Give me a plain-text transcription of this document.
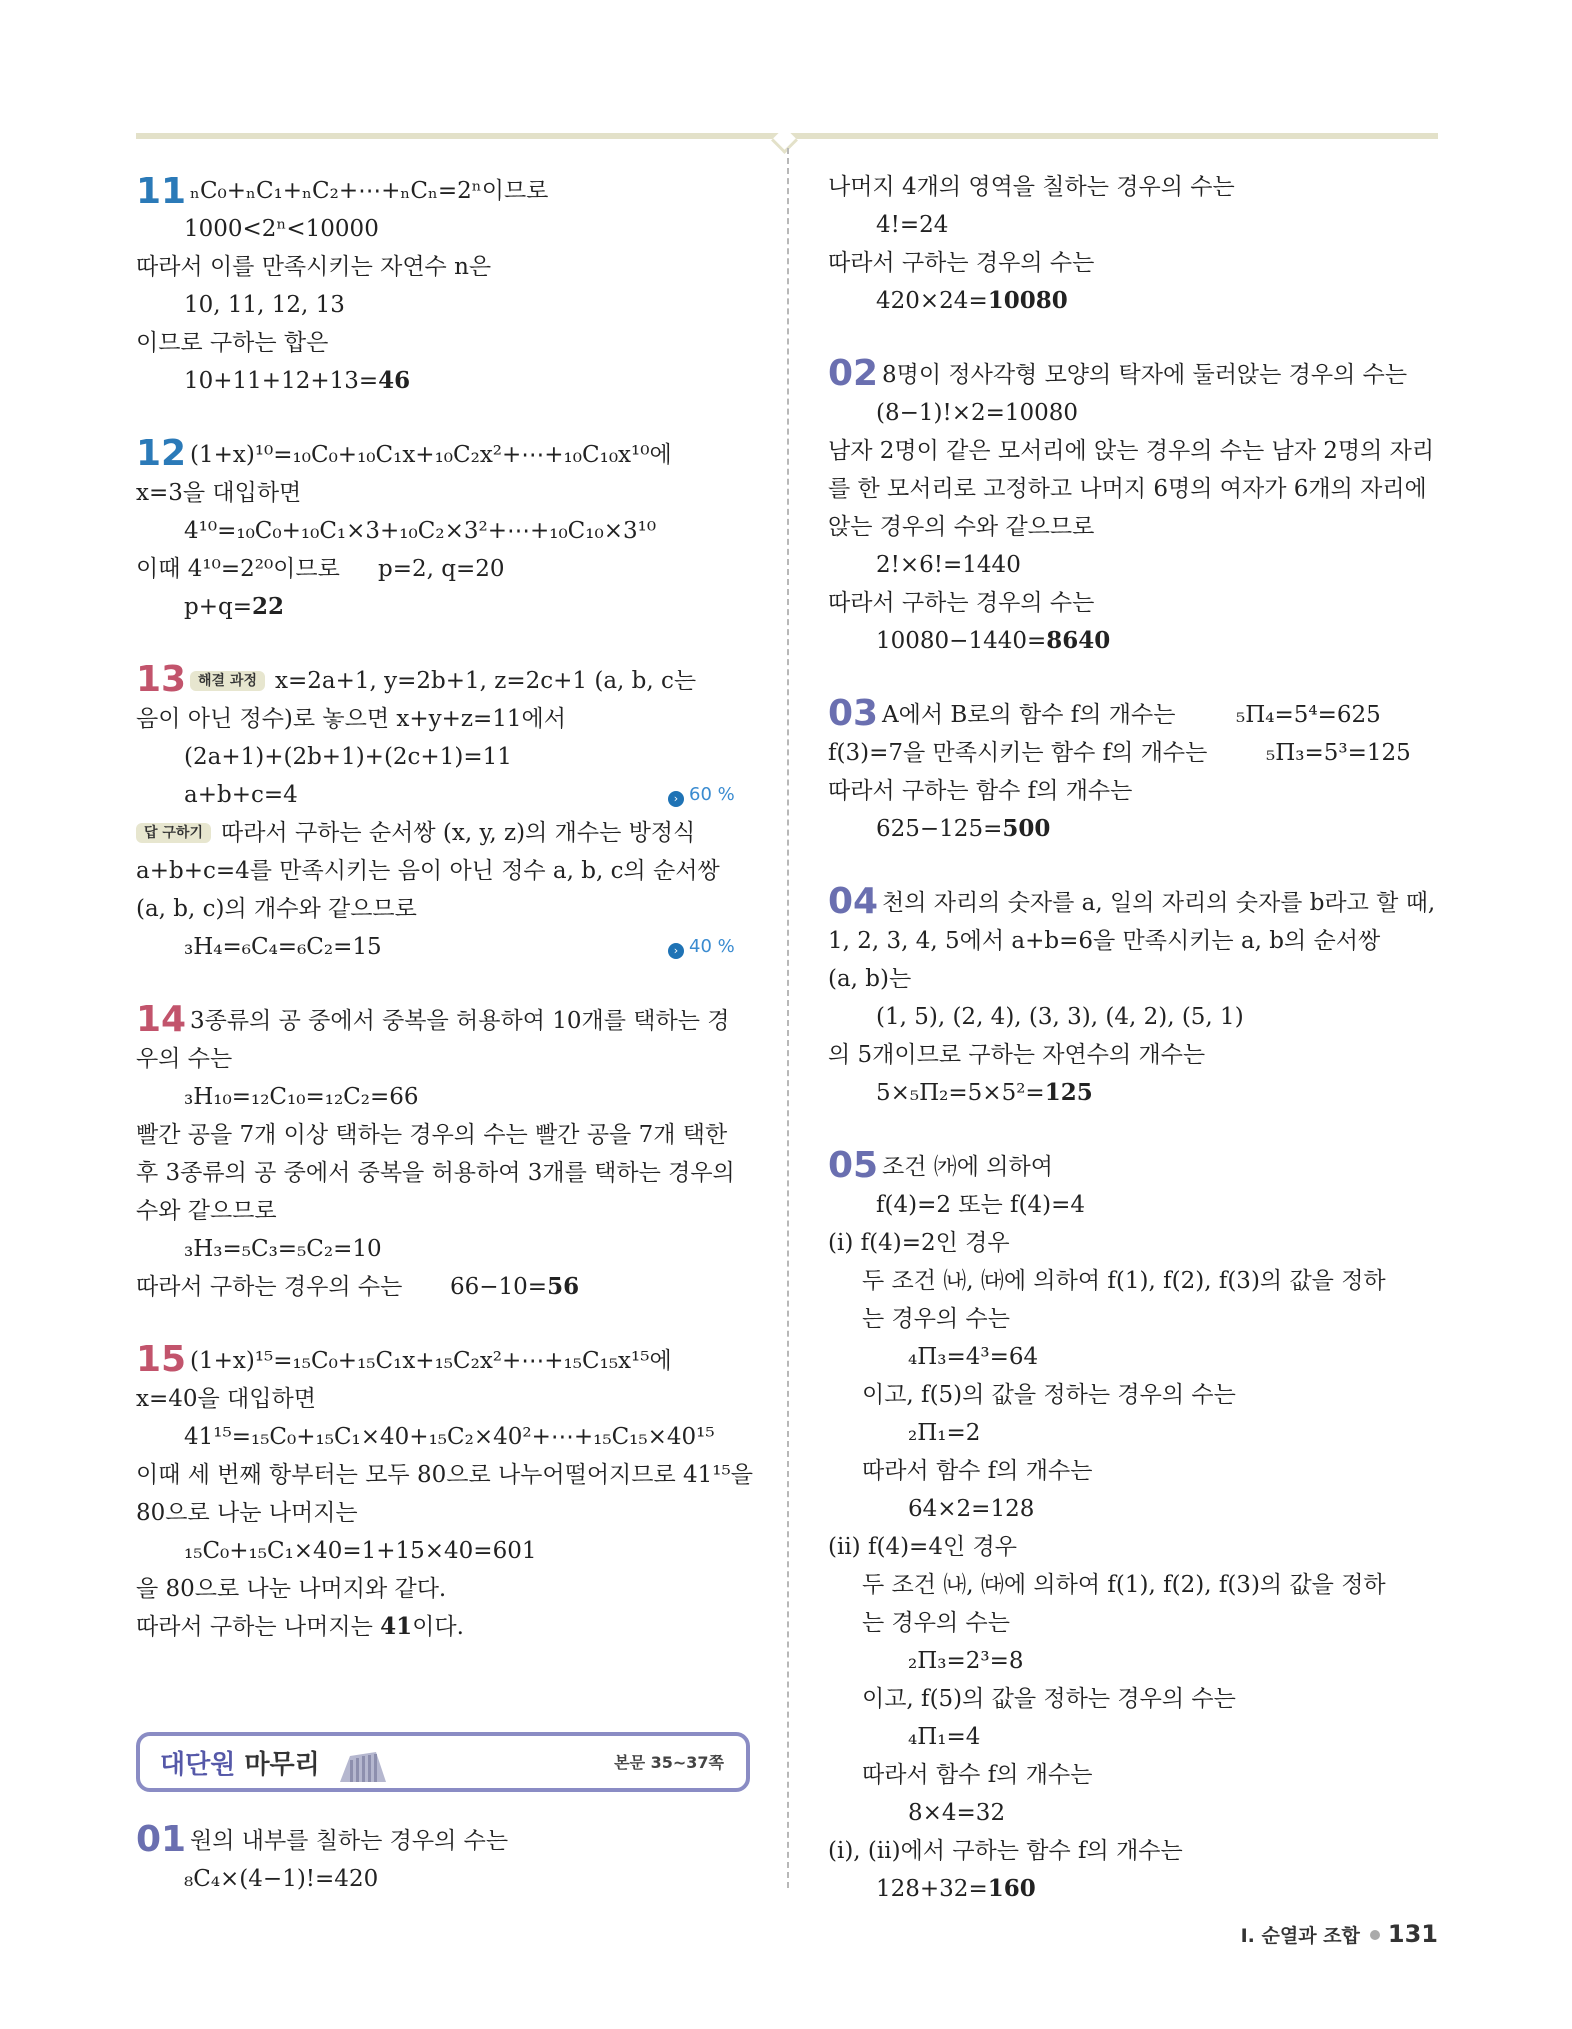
11 ₙC₀+ₙC₁+ₙC₂+⋯+ₙCₙ=2ⁿ이므로
1000<2ⁿ<10000
따라서 이를 만족시키는 자연수 n은
10, 11, 12, 13
이므로 구하는 합은
10+11+12+13=46
12 (1+x)¹⁰=₁₀C₀+₁₀C₁x+₁₀C₂x²+⋯+₁₀C₁₀x¹⁰에
x=3을 대입하면
4¹⁰=₁₀C₀+₁₀C₁×3+₁₀C₂×3²+⋯+₁₀C₁₀×3¹⁰
이때 4¹⁰=2²⁰이므로 p=2, q=20
p+q=22
13 해결 과정 x=2a+1, y=2b+1, z=2c+1 (a, b, c는
음이 아닌 정수)로 놓으면 x+y+z=11에서
(2a+1)+(2b+1)+(2c+1)=11
a+b+c=4	› 60 %
답 구하기 따라서 구하는 순서쌍 (x, y, z)의 개수는 방정식
a+b+c=4를 만족시키는 음이 아닌 정수 a, b, c의 순서쌍
(a, b, c)의 개수와 같으므로
₃H₄=₆C₄=₆C₂=15	› 40 %
14 3종류의 공 중에서 중복을 허용하여 10개를 택하는 경
우의 수는
₃H₁₀=₁₂C₁₀=₁₂C₂=66
빨간 공을 7개 이상 택하는 경우의 수는 빨간 공을 7개 택한
후 3종류의 공 중에서 중복을 허용하여 3개를 택하는 경우의
수와 같으므로
₃H₃=₅C₃=₅C₂=10
따라서 구하는 경우의 수는 66−10=56
15 (1+x)¹⁵=₁₅C₀+₁₅C₁x+₁₅C₂x²+⋯+₁₅C₁₅x¹⁵에
x=40을 대입하면
41¹⁵=₁₅C₀+₁₅C₁×40+₁₅C₂×40²+⋯+₁₅C₁₅×40¹⁵
이때 세 번째 항부터는 모두 80으로 나누어떨어지므로 41¹⁵을
80으로 나눈 나머지는
₁₅C₀+₁₅C₁×40=1+15×40=601
을 80으로 나눈 나머지와 같다.
따라서 구하는 나머지는 41이다.
대단원 마무리	본문 35~37쪽
01 원의 내부를 칠하는 경우의 수는
₈C₄×(4−1)!=420
나머지 4개의 영역을 칠하는 경우의 수는
4!=24
따라서 구하는 경우의 수는
420×24=10080
02 8명이 정사각형 모양의 탁자에 둘러앉는 경우의 수는
(8−1)!×2=10080
남자 2명이 같은 모서리에 앉는 경우의 수는 남자 2명의 자리
를 한 모서리로 고정하고 나머지 6명의 여자가 6개의 자리에
앉는 경우의 수와 같으므로
2!×6!=1440
따라서 구하는 경우의 수는
10080−1440=8640
03 A에서 B로의 함수 f의 개수는	₅Π₄=5⁴=625
f(3)=7을 만족시키는 함수 f의 개수는	₅Π₃=5³=125
따라서 구하는 함수 f의 개수는
625−125=500
04 천의 자리의 숫자를 a, 일의 자리의 숫자를 b라고 할 때,
1, 2, 3, 4, 5에서 a+b=6을 만족시키는 a, b의 순서쌍
(a, b)는
(1, 5), (2, 4), (3, 3), (4, 2), (5, 1)
의 5개이므로 구하는 자연수의 개수는
5×₅Π₂=5×5²=125
05 조건 ㈎에 의하여
f(4)=2 또는 f(4)=4
(i) f(4)=2인 경우
두 조건 ㈏, ㈐에 의하여 f(1), f(2), f(3)의 값을 정하
는 경우의 수는
₄Π₃=4³=64
이고, f(5)의 값을 정하는 경우의 수는
₂Π₁=2
따라서 함수 f의 개수는
64×2=128
(ii) f(4)=4인 경우
두 조건 ㈏, ㈐에 의하여 f(1), f(2), f(3)의 값을 정하
는 경우의 수는
₂Π₃=2³=8
이고, f(5)의 값을 정하는 경우의 수는
₄Π₁=4
따라서 함수 f의 개수는
8×4=32
(i), (ii)에서 구하는 함수 f의 개수는
128+32=160
Ⅰ. 순열과 조합 131
